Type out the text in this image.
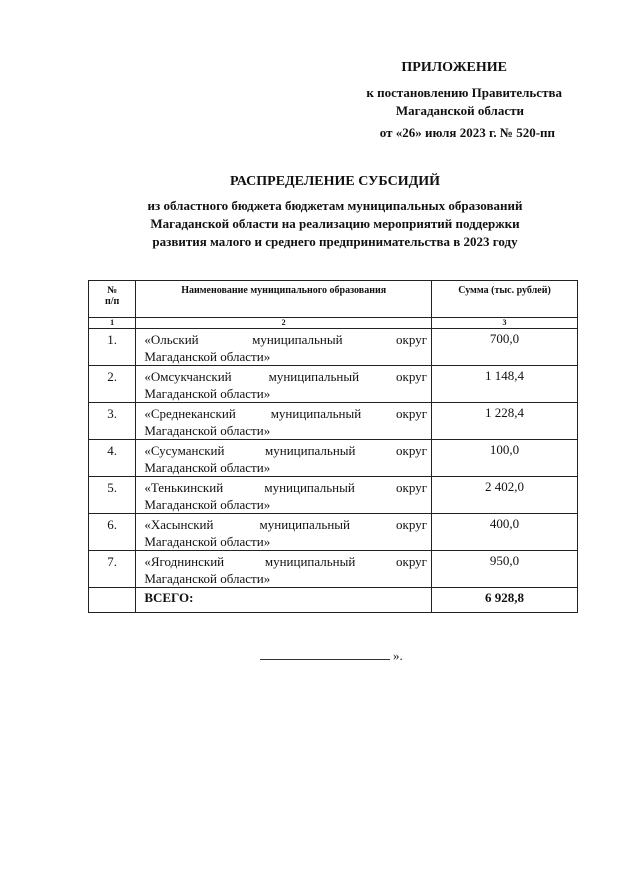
ПРИЛОЖЕНИЕ
к постановлению Правительства
Магаданской области
от «26» июля 2023 г. № 520-пп
РАСПРЕДЕЛЕНИЕ СУБСИДИЙ
из областного бюджета бюджетам муниципальных образований
Магаданской области на реализацию мероприятий поддержки
развития малого и среднего предпринимательства в 2023 году
№
п/п	Наименование муниципального образования	Сумма (тыс. рублей)
1	2	3
1.	«Ольский муниципальный округ
Магаданской области»	700,0
2.	«Омсукчанский муниципальный округ
Магаданской области»	1 148,4
3.	«Среднеканский муниципальный округ
Магаданской области»	1 228,4
4.	«Сусуманский муниципальный округ
Магаданской области»	100,0
5.	«Тенькинский муниципальный округ
Магаданской области»	2 402,0
6.	«Хасынский муниципальный округ
Магаданской области»	400,0
7.	«Ягоднинский муниципальный округ
Магаданской области»	950,0
	ВСЕГО:	6 928,8
».
